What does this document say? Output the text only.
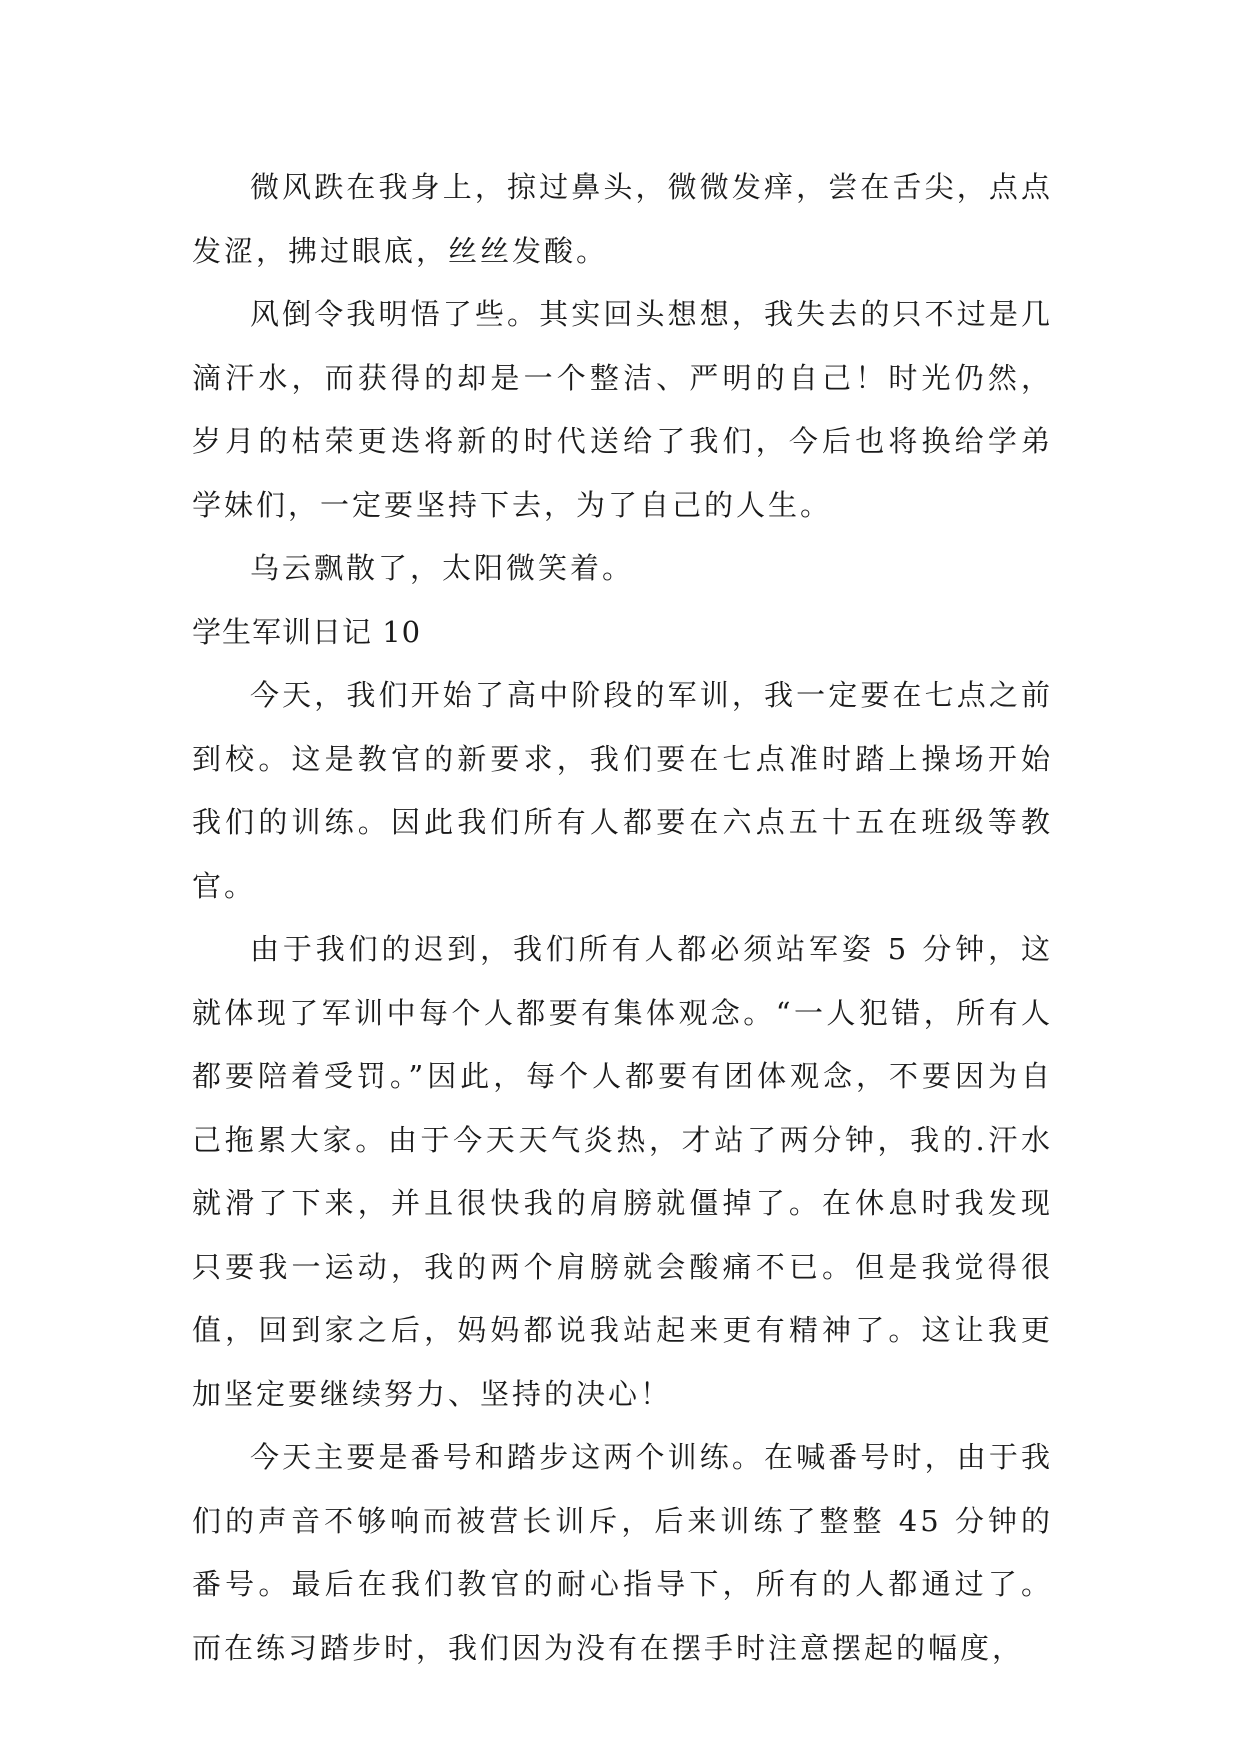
微风跌在我身上，掠过鼻头，微微发痒，尝在舌尖，点点发涩，拂过眼底，丝丝发酸。

风倒令我明悟了些。其实回头想想，我失去的只不过是几滴汗水，而获得的却是一个整洁、严明的自己！时光仍然，岁月的枯荣更迭将新的时代送给了我们，今后也将换给学弟学妹们，一定要坚持下去，为了自己的人生。

乌云飘散了，太阳微笑着。

学生军训日记 10

今天，我们开始了高中阶段的军训，我一定要在七点之前到校。这是教官的新要求，我们要在七点准时踏上操场开始我们的训练。因此我们所有人都要在六点五十五在班级等教官。

由于我们的迟到，我们所有人都必须站军姿 5 分钟，这就体现了军训中每个人都要有集体观念。“一人犯错，所有人都要陪着受罚。”因此，每个人都要有团体观念，不要因为自己拖累大家。由于今天天气炎热，才站了两分钟，我的.汗水就滑了下来，并且很快我的肩膀就僵掉了。在休息时我发现只要我一运动，我的两个肩膀就会酸痛不已。但是我觉得很值，回到家之后，妈妈都说我站起来更有精神了。这让我更加坚定要继续努力、坚持的决心！

今天主要是番号和踏步这两个训练。在喊番号时，由于我们的声音不够响而被营长训斥，后来训练了整整 45 分钟的番号。最后在我们教官的耐心指导下，所有的人都通过了。而在练习踏步时，我们因为没有在摆手时注意摆起的幅度，
